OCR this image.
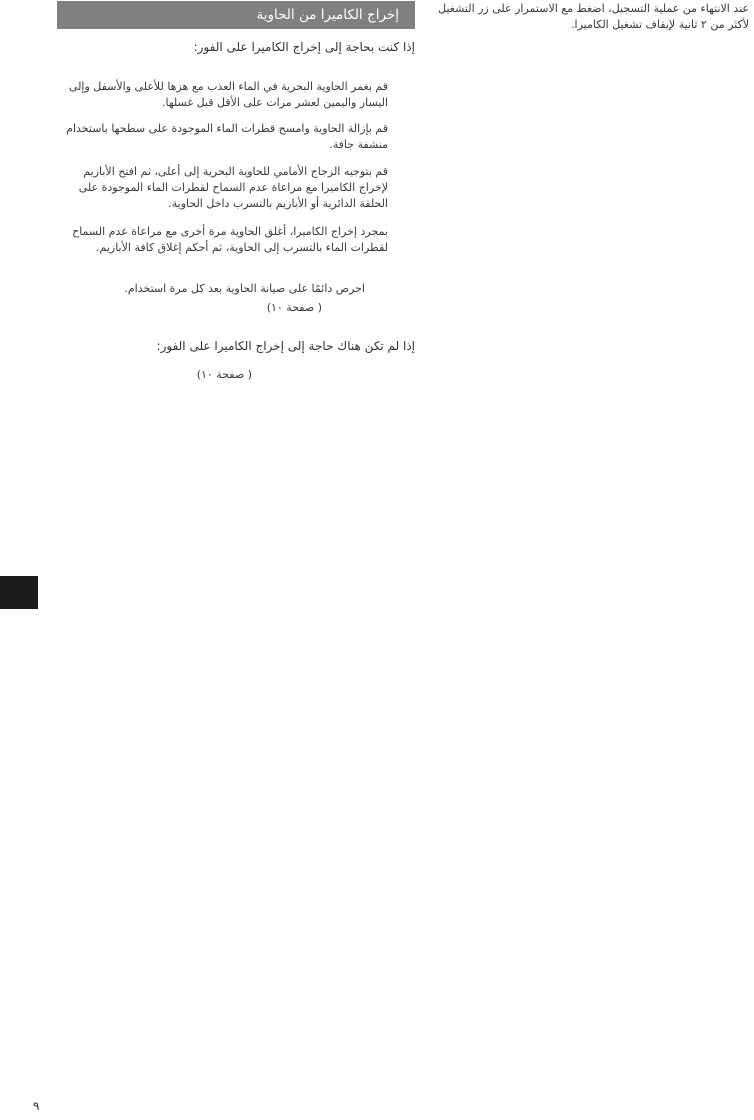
عند الانتهاء من عملية التسجيل، اضغط مع الاستمرار على زر التشغيل لأكثر من ٢ ثانية لإيقاف تشغيل الكاميرا.
إخراج الكاميرا من الحاوية
إذا كنت بحاجة إلى إخراج الكاميرا على الفور:
قم بغمر الحاوية البحرية في الماء العذب مع هزها للأعلى والأسفل وإلى اليسار واليمين لعشر مرات على الأقل قبل غسلها.
قم بإزالة الحاوية وامسح قطرات الماء الموجودة على سطحها باستخدام منشفة جافة.
قم بتوجيه الزجاج الأمامي للحاوية البحرية إلى أعلى، ثم افتح الأبازيم لإخراج الكاميرا مع مراعاة عدم السماح لقطرات الماء الموجودة على الحلقة الدائرية أو الأبازيم بالتسرب داخل الحاوية.
بمجرد إخراج الكاميرا، أغلق الحاوية مرة أخرى مع مراعاة عدم السماح لقطرات الماء بالتسرب إلى الحاوية، ثم أحكم إغلاق كافة الأبازيم.
احرص دائمًا على صيانة الحاوية بعد كل مرة استخدام.
( صفحة ١٠)
إذا لم تكن هناك حاجة إلى إخراج الكاميرا على الفور:
( صفحة ١٠)
٩
